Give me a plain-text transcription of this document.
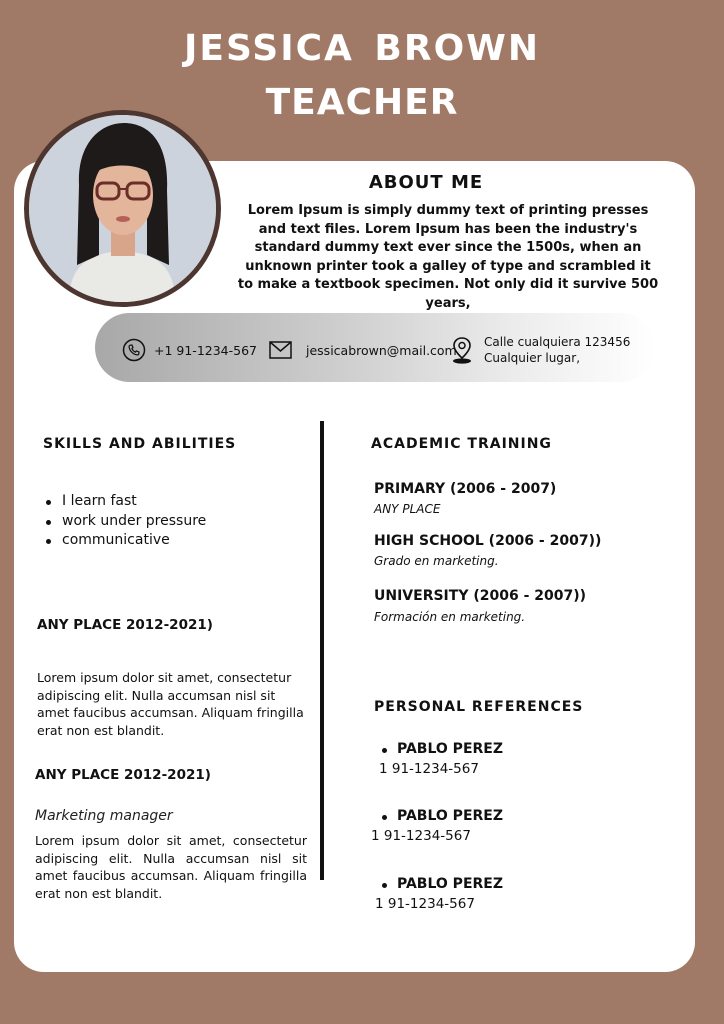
JESSICA BROWN
TEACHER
ABOUT ME
Lorem Ipsum is simply dummy text of printing presses and text files. Lorem Ipsum has been the industry's standard dummy text ever since the 1500s, when an unknown printer took a galley of type and scrambled it to make a textbook specimen. Not only did it survive 500 years,
+1 91-1234-567	jessicabrown@mail.com
Calle cualquiera 123456
Cualquier lugar,
SKILLS AND ABILITIES
I learn fast
work under pressure
communicative
ANY PLACE 2012-2021)
Lorem ipsum dolor sit amet, consectetur adipiscing elit. Nulla accumsan nisl sit amet faucibus accumsan. Aliquam fringilla erat non est blandit.
ANY PLACE 2012-2021)
Marketing manager
Lorem ipsum dolor sit amet, consectetur adipiscing elit. Nulla accumsan nisl sit amet faucibus accumsan. Aliquam fringilla erat non est blandit.
ACADEMIC TRAINING
PRIMARY (2006 - 2007)
ANY PLACE
HIGH SCHOOL (2006 - 2007))
Grado en marketing.
UNIVERSITY (2006 - 2007))
Formación en marketing.
PERSONAL REFERENCES
PABLO PEREZ
1 91-1234-567
PABLO PEREZ
1 91-1234-567
PABLO PEREZ
1 91-1234-567
